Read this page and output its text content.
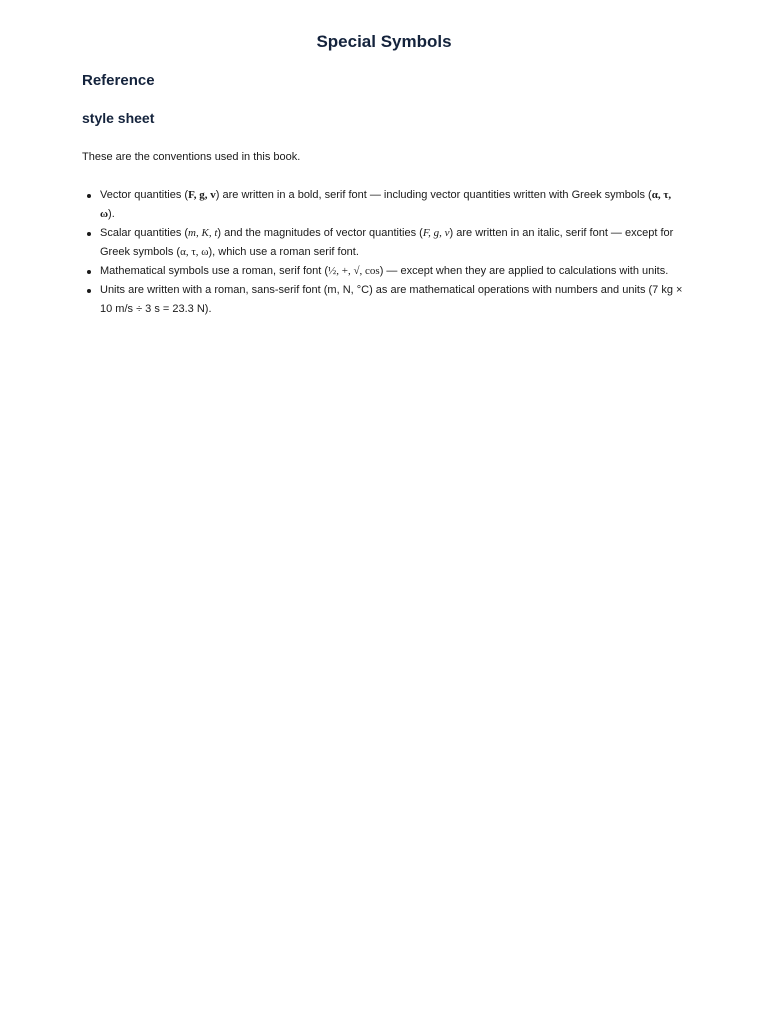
Special Symbols
Reference
style sheet

These are the conventions used in this book.

Vector quantities (F, g, v) are written in a bold, serif font — including vector quantities written with Greek symbols (α, τ, ω).
Scalar quantities (m, K, t) and the magnitudes of vector quantities (F, g, v) are written in an italic, serif font — except for Greek symbols (α, τ, ω), which use a roman serif font.
Mathematical symbols use a roman, serif font (½, +, √, cos) — except when they are applied to calculations with units.
Units are written with a roman, sans-serif font (m, N, °C) as are mathematical operations with numbers and units (7 kg × 10 m/s ÷ 3 s = 23.3 N).
